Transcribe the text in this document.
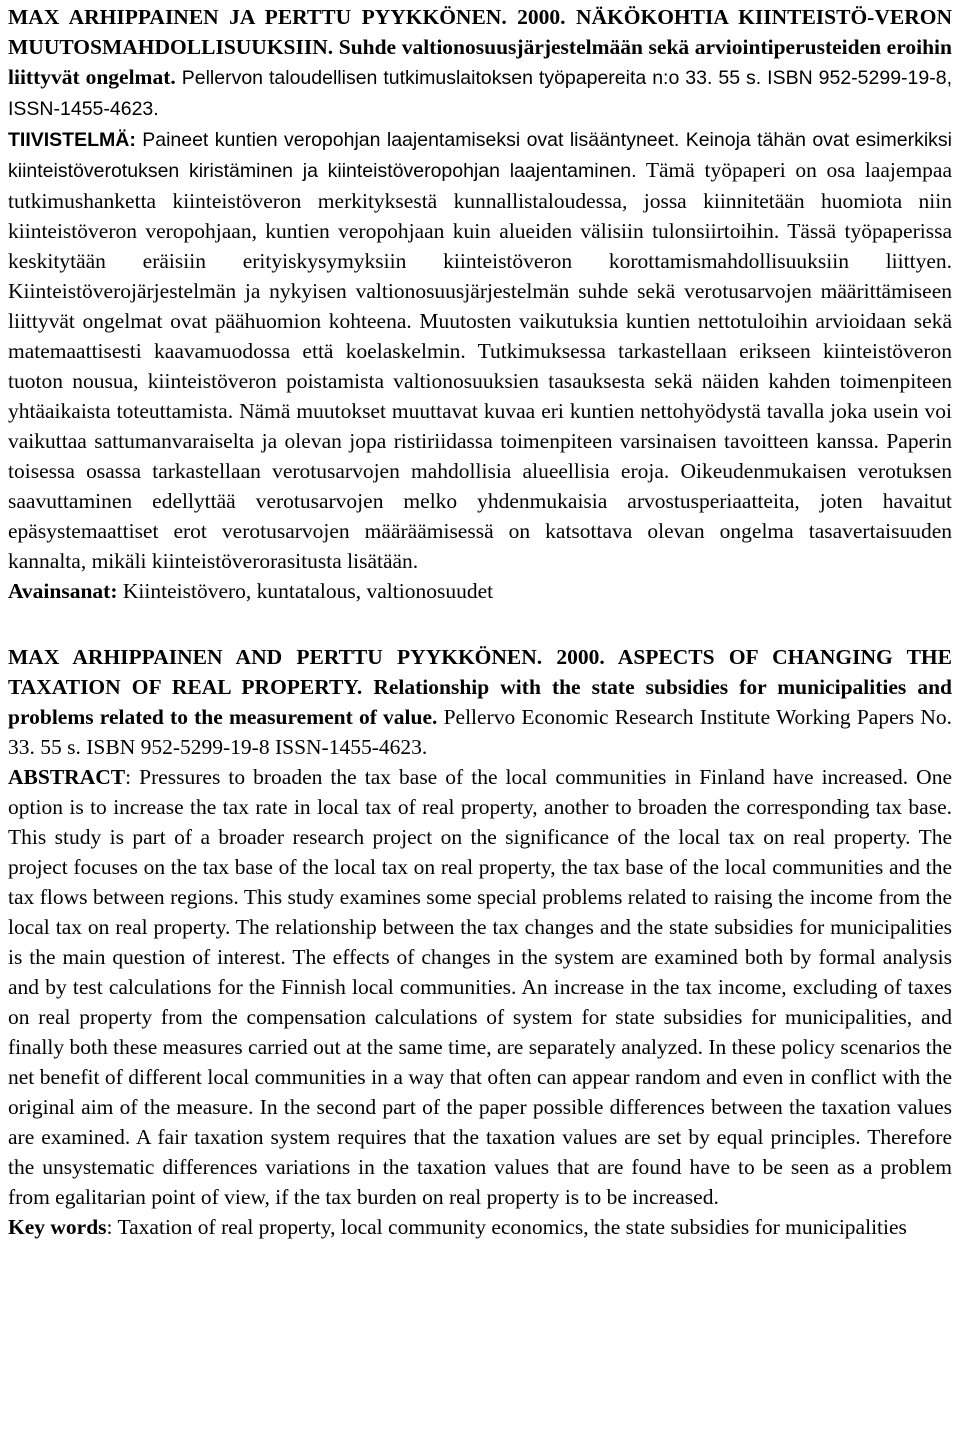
MAX ARHIPPAINEN JA PERTTU PYYKKÖNEN. 2000. NÄKÖKOHTIA KIINTEISTÖ-VERON MUUTOSMAHDOLLISUUKSIIN. Suhde valtionosuusjärjestelmään sekä arviointiperusteiden eroihin liittyvät ongelmat. Pellervon taloudellisen tutkimuslaitoksen työpapereita n:o 33. 55 s. ISBN 952-5299-19-8, ISSN-1455-4623.

TIIVISTELMÄ: Paineet kuntien veropohjan laajentamiseksi ovat lisääntyneet. Keinoja tähän ovat esimerkiksi kiinteistöverotuksen kiristäminen ja kiinteistöveropohjan laajentaminen. Tämä työpaperi on osa laajempaa tutkimushanketta kiinteistöveron merkityksestä kunnallistaloudessa, jossa kiinnitetään huomiota niin kiinteistöveron veropohjaan, kuntien veropohjaan kuin alueiden välisiin tulonsiirtoihin. Tässä työpaperissa keskitytään eräisiin erityiskysymyksiin kiinteistöveron korottamismahdollisuuksiin liittyen. Kiinteistöverojärjestelmän ja nykyisen valtionosuusjärjestelmän suhde sekä verotusarvojen määrittämiseen liittyvät ongelmat ovat päähuomion kohteena. Muutosten vaikutuksia kuntien nettotuloihin arvioidaan sekä matemaattisesti kaavamuodossa että koelaskelmin. Tutkimuksessa tarkastellaan erikseen kiinteistöveron tuoton nousua, kiinteistöveron poistamista valtionosuuksien tasauksesta sekä näiden kahden toimenpiteen yhtäaikaista toteuttamista. Nämä muutokset muuttavat kuvaa eri kuntien nettohyödystä tavalla joka usein voi vaikuttaa sattumanvaraiselta ja olevan jopa ristiriidassa toimenpiteen varsinaisen tavoitteen kanssa. Paperin toisessa osassa tarkastellaan verotusarvojen mahdollisia alueellisia eroja. Oikeudenmukaisen verotuksen saavuttaminen edellyttää verotusarvojen melko yhdenmukaisia arvostusperiaatteita, joten havaitut epäsystemaattiset erot verotusarvojen määräämisessä on katsottava olevan ongelma tasavertaisuuden kannalta, mikäli kiinteistöverorasitusta lisätään.

Avainsanat: Kiinteistövero, kuntatalous, valtionosuudet

MAX ARHIPPAINEN AND PERTTU PYYKKÖNEN. 2000. ASPECTS OF CHANGING THE TAXATION OF REAL PROPERTY. Relationship with the state subsidies for municipalities and problems related to the measurement of value. Pellervo Economic Research Institute Working Papers No. 33. 55 s. ISBN 952-5299-19-8 ISSN-1455-4623.

ABSTRACT: Pressures to broaden the tax base of the local communities in Finland have increased. One option is to increase the tax rate in local tax of real property, another to broaden the corresponding tax base. This study is part of a broader research project on the significance of the local tax on real property. The project focuses on the tax base of the local tax on real property, the tax base of the local communities and the tax flows between regions. This study examines some special problems related to raising the income from the local tax on real property. The relationship between the tax changes and the state subsidies for municipalities is the main question of interest. The effects of changes in the system are examined both by formal analysis and by test calculations for the Finnish local communities. An increase in the tax income, excluding of taxes on real property from the compensation calculations of system for state subsidies for municipalities, and finally both these measures carried out at the same time, are separately analyzed. In these policy scenarios the net benefit of different local communities in a way that often can appear random and even in conflict with the original aim of the measure. In the second part of the paper possible differences between the taxation values are examined. A fair taxation system requires that the taxation values are set by equal principles. Therefore the unsystematic differences variations in the taxation values that are found have to be seen as a problem from egalitarian point of view, if the tax burden on real property is to be increased.

Key words: Taxation of real property, local community economics, the state subsidies for municipalities
